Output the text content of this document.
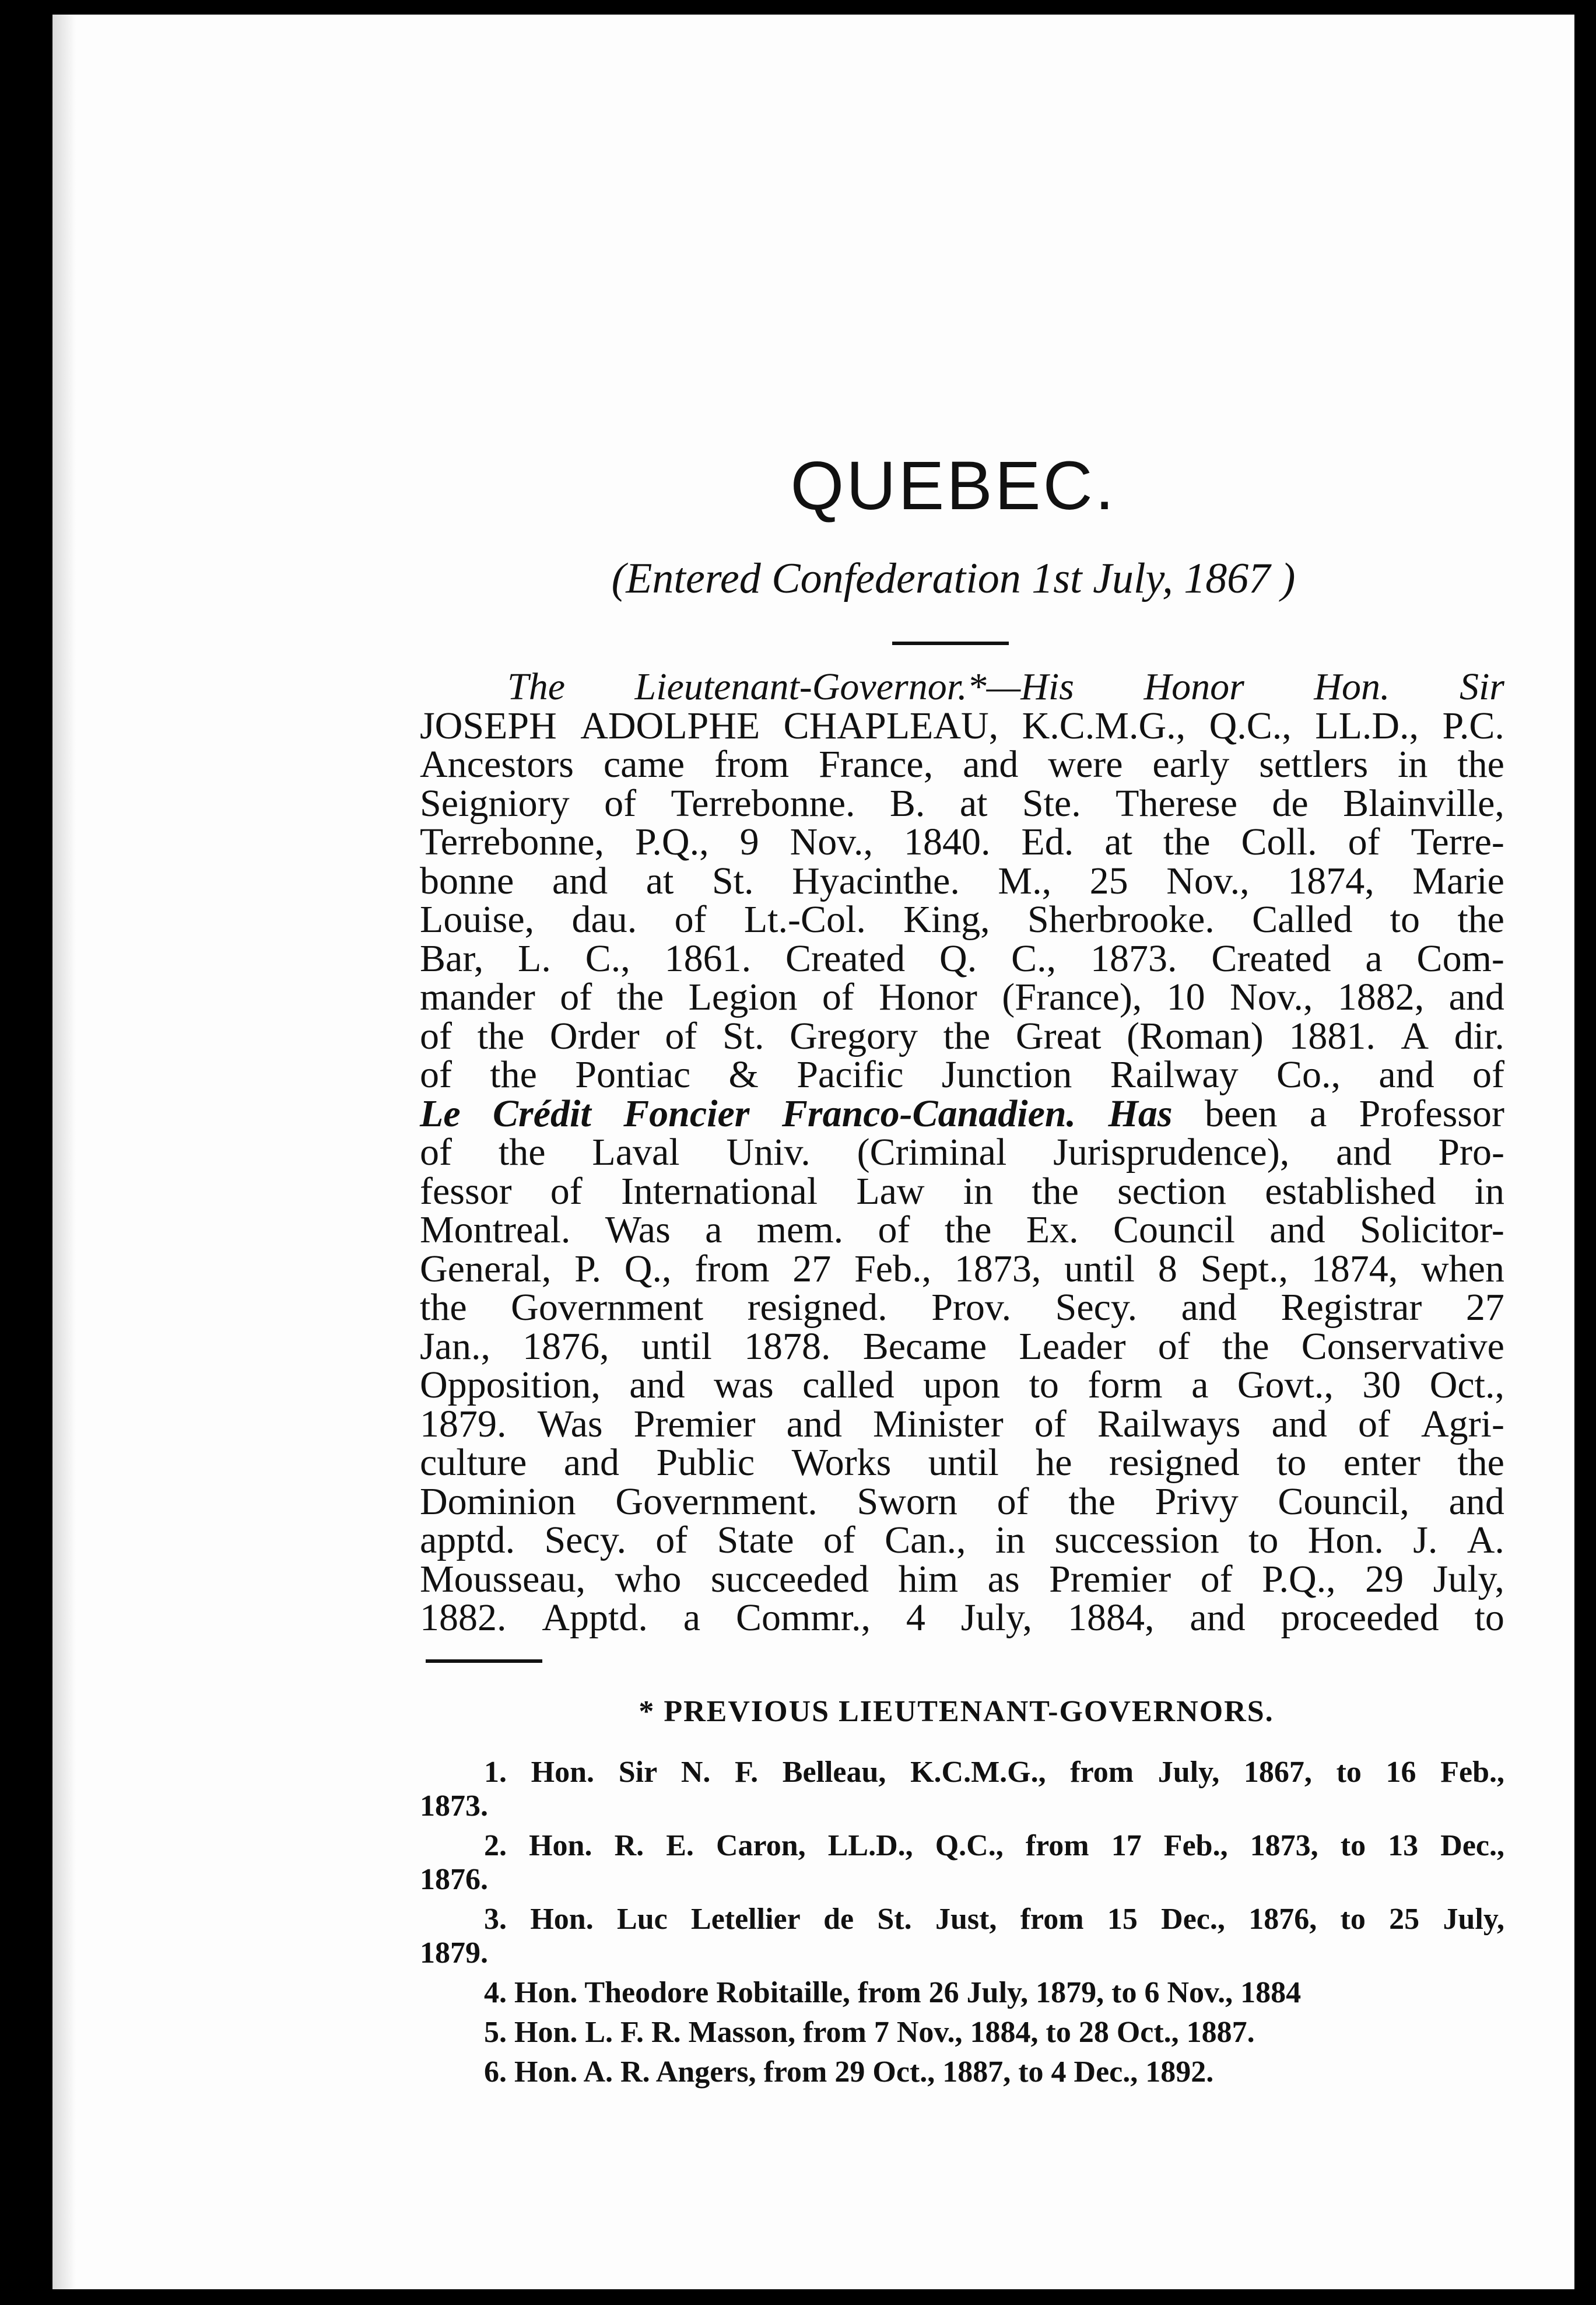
QUEBEC.
(Entered Confederation 1st July, 1867 )
The Lieutenant-Governor.*—His Honor Hon. Sir
JOSEPH ADOLPHE CHAPLEAU, K.C.M.G., Q.C., LL.D., P.C.
Ancestors came from France, and were early settlers in the
Seigniory of Terrebonne. B. at Ste. Therese de Blainville,
Terrebonne, P.Q., 9 Nov., 1840. Ed. at the Coll. of Terre-
bonne and at St. Hyacinthe. M., 25 Nov., 1874, Marie
Louise, dau. of Lt.-Col. King, Sherbrooke. Called to the
Bar, L. C., 1861. Created Q. C., 1873. Created a Com-
mander of the Legion of Honor (France), 10 Nov., 1882, and
of the Order of St. Gregory the Great (Roman) 1881. A dir.
of the Pontiac & Pacific Junction Railway Co., and of
Le Crédit Foncier Franco-Canadien. Has been a Professor
of the Laval Univ. (Criminal Jurisprudence), and Pro-
fessor of International Law in the section established in
Montreal. Was a mem. of the Ex. Council and Solicitor-
General, P. Q., from 27 Feb., 1873, until 8 Sept., 1874, when
the Government resigned. Prov. Secy. and Registrar 27
Jan., 1876, until 1878. Became Leader of the Conservative
Opposition, and was called upon to form a Govt., 30 Oct.,
1879. Was Premier and Minister of Railways and of Agri-
culture and Public Works until he resigned to enter the
Dominion Government. Sworn of the Privy Council, and
apptd. Secy. of State of Can., in succession to Hon. J. A.
Mousseau, who succeeded him as Premier of P.Q., 29 July,
1882. Apptd. a Commr., 4 July, 1884, and proceeded to
* PREVIOUS LIEUTENANT-GOVERNORS.
1. Hon. Sir N. F. Belleau, K.C.M.G., from July, 1867, to 16 Feb.,
1873.
2. Hon. R. E. Caron, LL.D., Q.C., from 17 Feb., 1873, to 13 Dec.,
1876.
3. Hon. Luc Letellier de St. Just, from 15 Dec., 1876, to 25 July,
1879.
4. Hon. Theodore Robitaille, from 26 July, 1879, to 6 Nov., 1884
5. Hon. L. F. R. Masson, from 7 Nov., 1884, to 28 Oct., 1887.
6. Hon. A. R. Angers, from 29 Oct., 1887, to 4 Dec., 1892.
